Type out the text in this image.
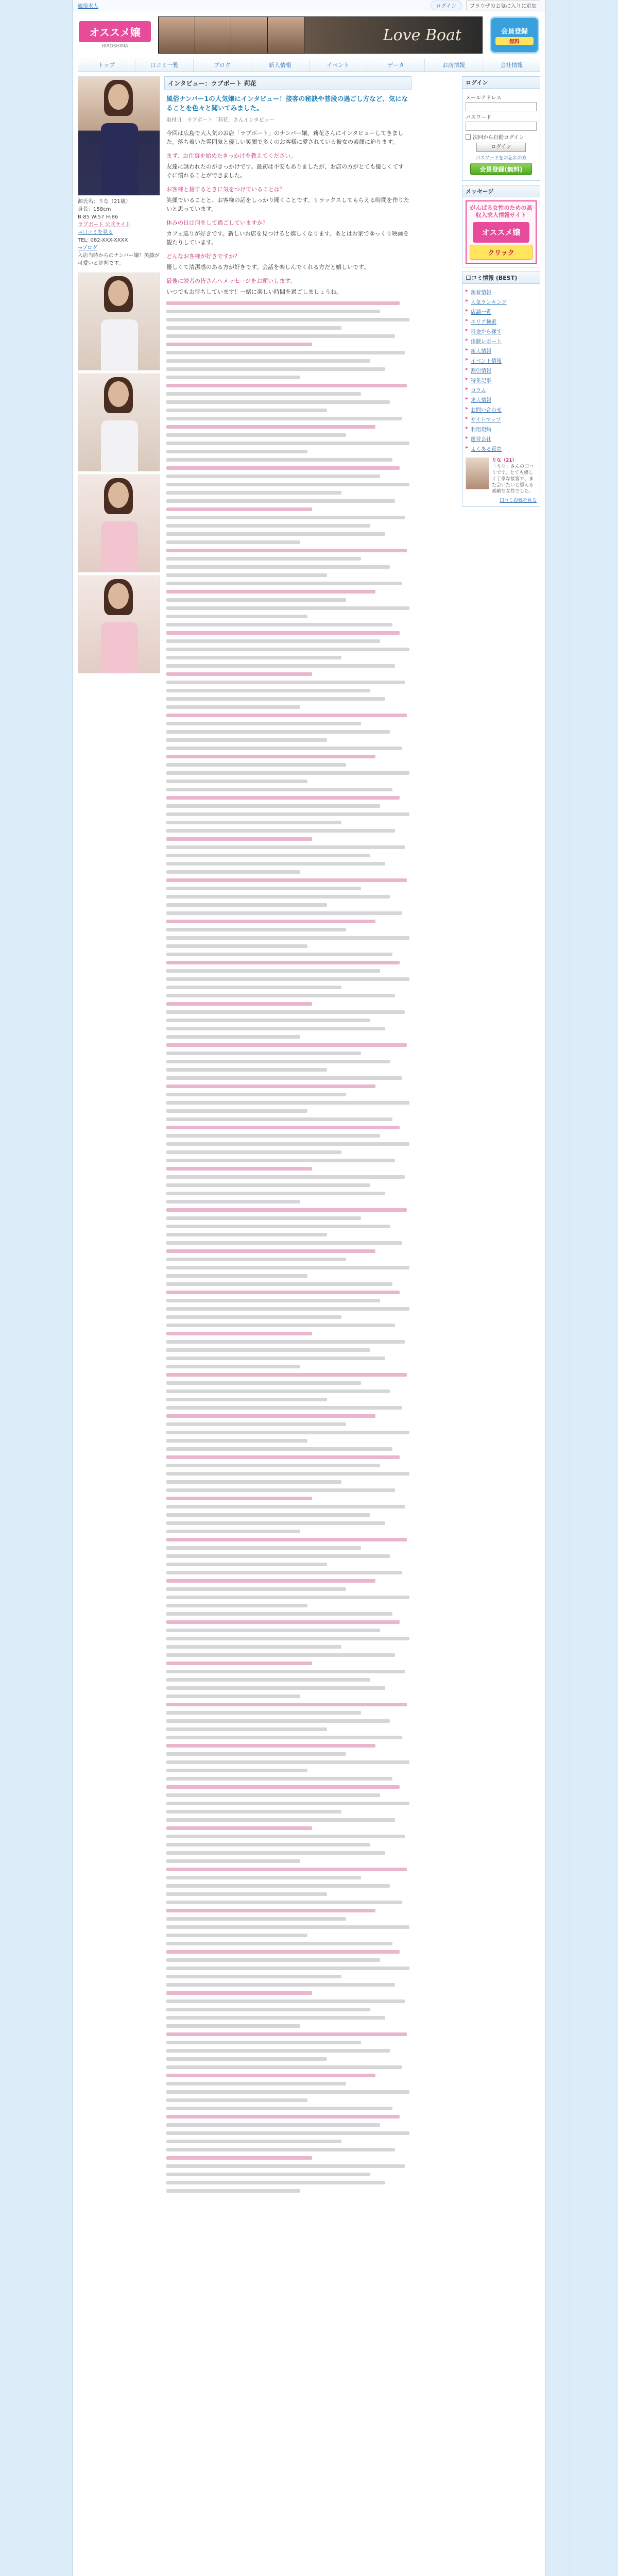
風俗求人	ログイン	ブラウザのお気に入りに追加
オススメ嬢
HIROSHIMA
Love Boat	会員登録
無料
トップ	口コミ一覧	ブログ	新人情報	イベント	データ	お店情報	会社情報
源氏名：りな（21歳）
身長：158cm
B:85 W:57 H:86
ラブボート 公式サイト
→口コミを見る
TEL: 082-XXX-XXXX
→ブログ
入店当時からのナンバー嬢！笑顔が可愛いと評判です。
インタビュー：ラブボート 莉花
風俗ナンバー1の人気嬢にインタビュー！接客の秘訣や普段の過ごし方など、気になることを色々と聞いてみました。
取材日：ラブボート「莉花」さんインタビュー
今回は広島で大人気のお店「ラブボート」のナンバー嬢、莉花さんにインタビューしてきました。落ち着いた雰囲気と優しい笑顔で多くのお客様に愛されている彼女の素顔に迫ります。
まず、お仕事を始めたきっかけを教えてください。
友達に誘われたのがきっかけです。最初は不安もありましたが、お店の方がとても優しくてすぐに慣れることができました。
お客様と接するときに気をつけていることは？
笑顔でいることと、お客様の話をしっかり聞くことです。リラックスしてもらえる時間を作りたいと思っています。
休みの日は何をして過ごしていますか？
カフェ巡りが好きです。新しいお店を見つけると嬉しくなります。あとはお家でゆっくり映画を観たりしています。
どんなお客様が好きですか？
優しくて清潔感のある方が好きです。会話を楽しんでくれる方だと嬉しいです。
最後に読者の皆さんへメッセージをお願いします。
いつでもお待ちしています！一緒に楽しい時間を過ごしましょうね。
ログイン
メールアドレス
パスワード
次回から自動ログイン
ログイン
パスワードをお忘れの方
会員登録(無料)
メッセージ
がんばる女性のための高収入求人情報サイト
オススメ嬢
クリック
口コミ情報 (BEST)
▸ 新着情報
▸ 人気ランキング
▸ 店舗一覧
▸ エリア検索
▸ 料金から探す
▸ 体験レポート
▸ 新人情報
▸ イベント情報
▸ 割引情報
▸ 特集記事
▸ コラム
▸ 求人情報
▸ お問い合わせ
▸ サイトマップ
▸ 利用規約
▸ 運営会社
▸ よくある質問
りな（21）
「りな」さんの口コミです。とても優しく丁寧な接客で、また会いたいと思える素敵な女性でした。
口コミ投稿を見る
